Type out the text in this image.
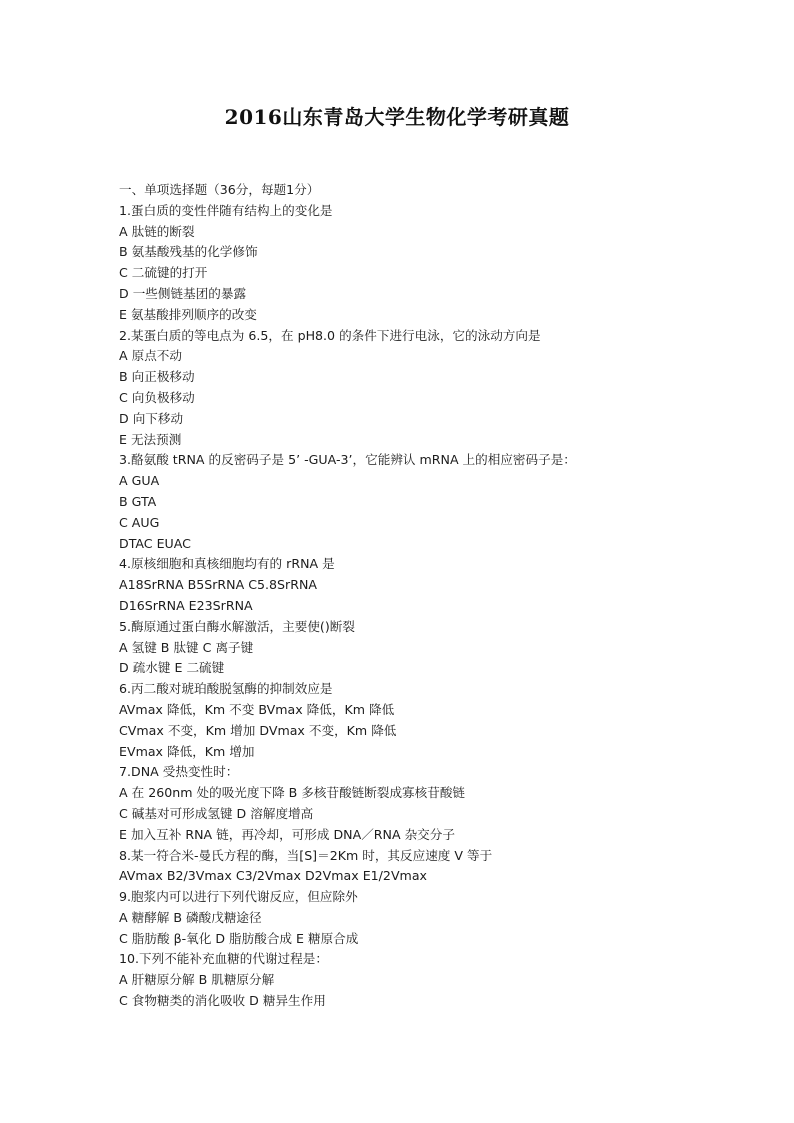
2016山东青岛大学生物化学考研真题
一、单项选择题（36分，每题1分）
1.蛋白质的变性伴随有结构上的变化是
A 肽链的断裂
B 氨基酸残基的化学修饰
C 二硫键的打开
D 一些侧链基团的暴露
E 氨基酸排列顺序的改变
2.某蛋白质的等电点为 6.5，在 pH8.0 的条件下进行电泳，它的泳动方向是
A 原点不动
B 向正极移动
C 向负极移动
D 向下移动
E 无法预测
3.酪氨酸 tRNA 的反密码子是 5’ -GUA-3’，它能辨认 mRNA 上的相应密码子是：
A GUA
B GTA
C AUG
DTAC EUAC
4.原核细胞和真核细胞均有的 rRNA 是
A18SrRNA B5SrRNA C5.8SrRNA
D16SrRNA E23SrRNA
5.酶原通过蛋白酶水解激活，主要使()断裂
A 氢键 B 肽键 C 离子键
D 疏水键 E 二硫键
6.丙二酸对琥珀酸脱氢酶的抑制效应是
AVmax 降低，Km 不变 BVmax 降低，Km 降低
CVmax 不变，Km 增加 DVmax 不变，Km 降低
EVmax 降低，Km 增加
7.DNA 受热变性时：
A 在 260nm 处的吸光度下降 B 多核苷酸链断裂成寡核苷酸链
C 碱基对可形成氢键 D 溶解度增高
E 加入互补 RNA 链，再冷却，可形成 DNA／RNA 杂交分子
8.某一符合米-曼氏方程的酶，当[S]＝2Km 时，其反应速度 V 等于
AVmax B2/3Vmax C3/2Vmax D2Vmax E1/2Vmax
9.胞浆内可以进行下列代谢反应，但应除外
A 糖酵解 B 磷酸戊糖途径
C 脂肪酸 β-氧化 D 脂肪酸合成 E 糖原合成
10.下列不能补充血糖的代谢过程是：
A 肝糖原分解 B 肌糖原分解
C 食物糖类的消化吸收 D 糖异生作用
